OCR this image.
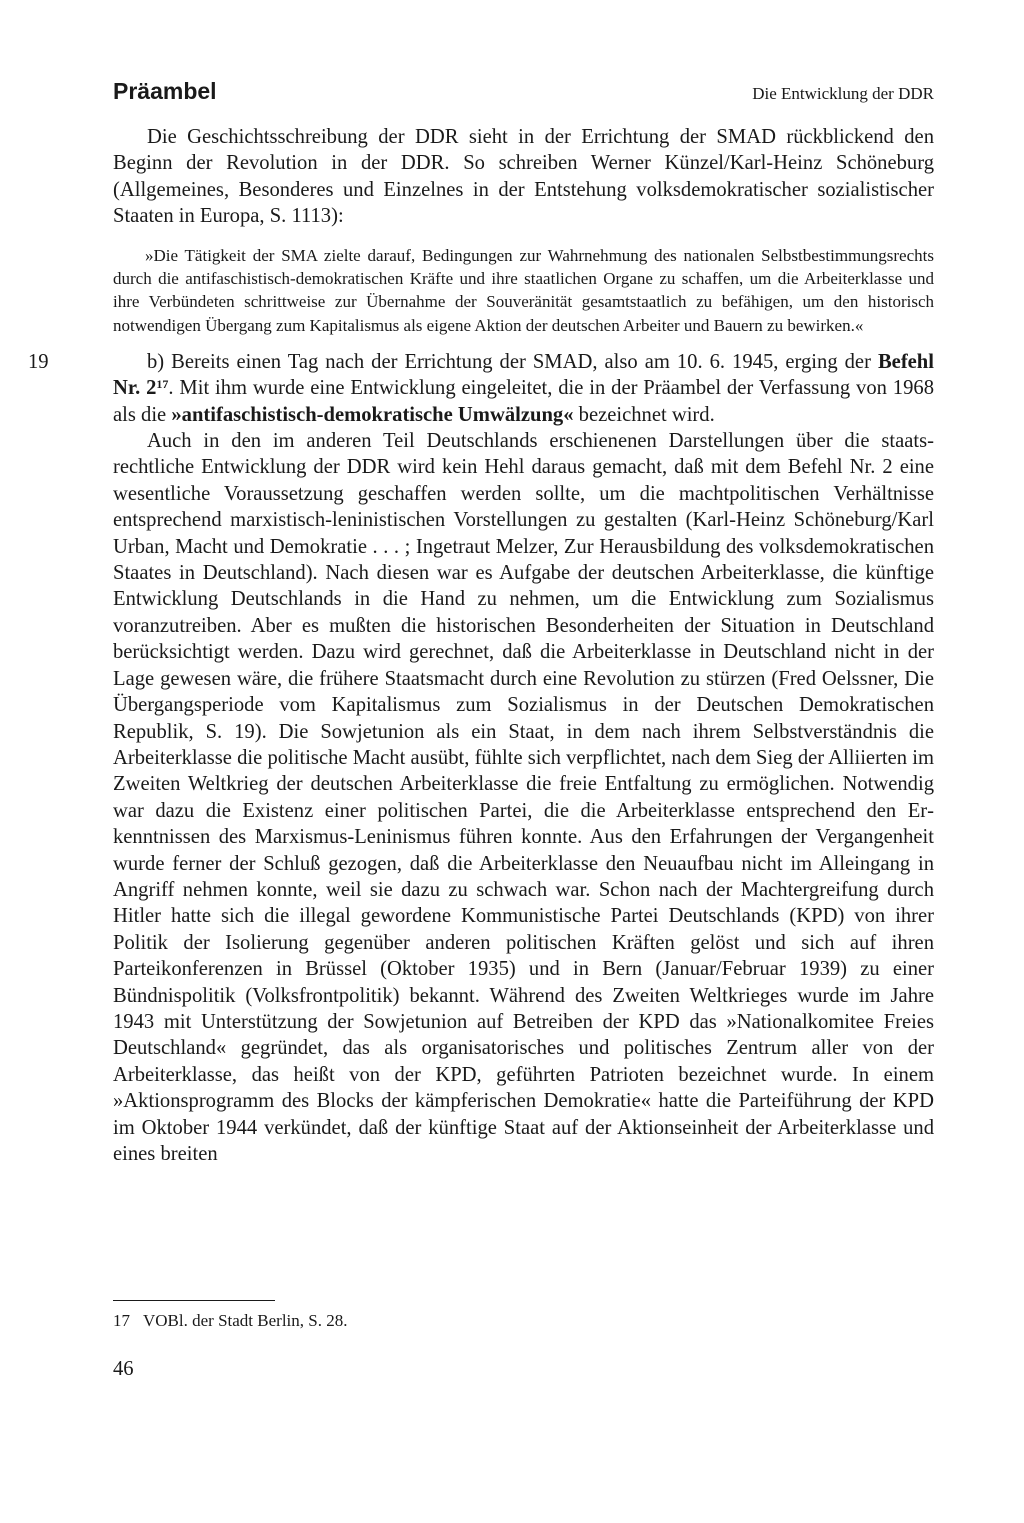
Präambel	Die Entwicklung der DDR

Die Geschichtsschreibung der DDR sieht in der Errichtung der SMAD rückblickend den Beginn der Revolution in der DDR. So schreiben Werner Künzel/Karl-Heinz Schöneburg (Allgemeines, Besonderes und Einzelnes in der Entstehung volksdemokratischer sozialistischer Staaten in Europa, S. 1113):

»Die Tätigkeit der SMA zielte darauf, Bedingungen zur Wahrnehmung des nationalen Selbstbestimmungsrechts durch die antifaschistisch-demokratischen Kräfte und ihre staatlichen Organe zu schaffen, um die Arbeiterklasse und ihre Verbündeten schrittweise zur Übernahme der Souveränität gesamtstaatlich zu befähigen, um den historisch notwendigen Übergang zum Kapitalismus als eigene Aktion der deutschen Arbeiter und Bauern zu bewirken.«

19	b) Bereits einen Tag nach der Errichtung der SMAD, also am 10. 6. 1945, erging der Befehl Nr. $2^{17}$. Mit ihm wurde eine Entwicklung eingeleitet, die in der Präambel der Verfassung von 1968 als die »antifaschistisch-demokratische Umwälzung« bezeichnet wird.

Auch in den im anderen Teil Deutschlands erschienenen Darstellungen über die staatsrechtliche Entwicklung der DDR wird kein Hehl daraus gemacht, daß mit dem Befehl Nr. 2 eine wesentliche Voraussetzung geschaffen werden sollte, um die machtpolitischen Verhältnisse entsprechend marxistisch-leninistischen Vorstellungen zu gestalten (Karl-Heinz Schöneburg/Karl Urban, Macht und Demokratie . . . ; Ingetraut Melzer, Zur Herausbildung des volksdemokratischen Staates in Deutschland). Nach diesen war es Aufgabe der deutschen Arbeiterklasse, die künftige Entwicklung Deutschlands in die Hand zu nehmen, um die Entwicklung zum Sozialismus voranzutreiben. Aber es mußten die historischen Besonderheiten der Situation in Deutschland berücksichtigt werden. Dazu wird gerechnet, daß die Arbeiterklasse in Deutschland nicht in der Lage gewesen wäre, die frühere Staatsmacht durch eine Revolution zu stürzen (Fred Oelssner, Die Übergangsperiode vom Kapitalismus zum Sozialismus in der Deutschen Demokratischen Republik, S. 19). Die Sowjetunion als ein Staat, in dem nach ihrem Selbstverständnis die Arbeiterklasse die politische Macht ausübt, fühlte sich verpflichtet, nach dem Sieg der Alliierten im Zweiten Weltkrieg der deutschen Arbeiterklasse die freie Entfaltung zu ermöglichen. Notwendig war dazu die Existenz einer politischen Partei, die die Arbeiterklasse entsprechend den Erkenntnissen des Marxismus-Leninismus führen konnte. Aus den Erfahrungen der Vergangenheit wurde ferner der Schluß gezogen, daß die Arbeiterklasse den Neuaufbau nicht im Alleingang in Angriff nehmen konnte, weil sie dazu zu schwach war. Schon nach der Machtergreifung durch Hitler hatte sich die illegal gewordene Kommunistische Partei Deutschlands (KPD) von ihrer Politik der Isolierung gegenüber anderen politischen Kräften gelöst und sich auf ihren Parteikonferenzen in Brüssel (Oktober 1935) und in Bern (Januar/Februar 1939) zu einer Bündnispolitik (Volksfrontpolitik) bekannt. Während des Zweiten Weltkrieges wurde im Jahre 1943 mit Unterstützung der Sowjetunion auf Betreiben der KPD das »Nationalkomitee Freies Deutschland« gegründet, das als organisatorisches und politisches Zentrum aller von der Arbeiterklasse, das heißt von der KPD, geführten Patrioten bezeichnet wurde. In einem »Aktionsprogramm des Blocks der kämpferischen Demokratie« hatte die Parteiführung der KPD im Oktober 1944 verkündet, daß der künftige Staat auf der Aktionseinheit der Arbeiterklasse und eines breiten

17 VOBl. der Stadt Berlin, S. 28.
46
